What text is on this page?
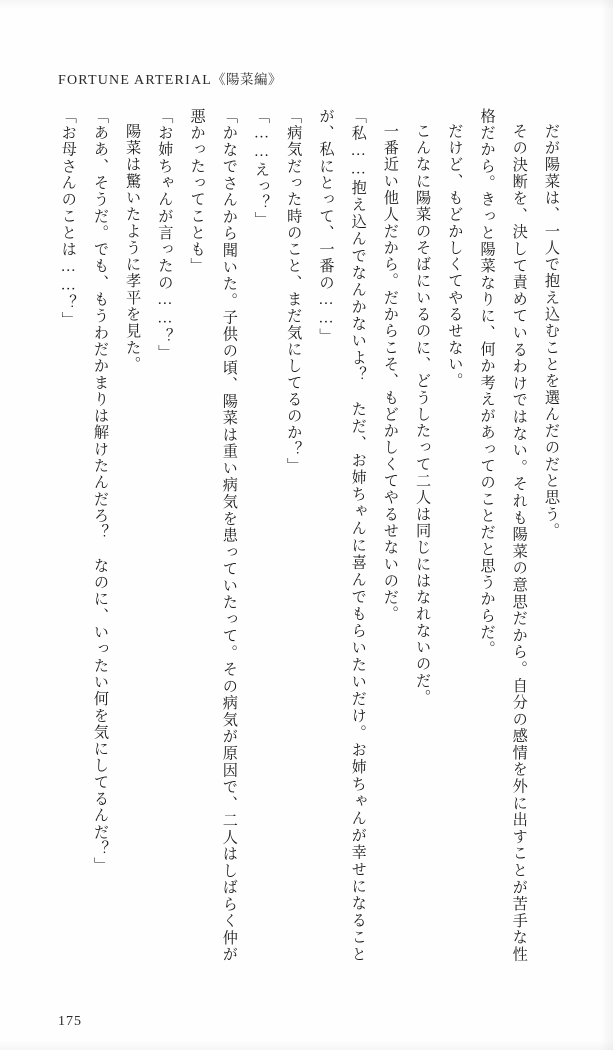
FORTUNE ARTERIAL《陽菜編》

だが陽菜は、一人で抱え込むことを選んだのだと思う。

その決断を、決して責めているわけではない。それも陽菜の意思だから。自分の感情を外に出すことが苦手な性格だから。きっと陽菜なりに、何か考えがあってのことだと思うからだ。

だけど、もどかしくてやるせない。

こんなに陽菜のそばにいるのに、どうしたって二人は同じにはなれないのだ。

一番近い他人だから。だからこそ、もどかしくてやるせないのだ。

「私……抱え込んでなんかないよ？　ただ、お姉ちゃんに喜んでもらいたいだけ。お姉ちゃんが幸せになることが、私にとって、一番の……」

「病気だった時のこと、まだ気にしてるのか？」

「……えっ？」

「かなでさんから聞いた。子供の頃、陽菜は重い病気を患っていたって。その病気が原因で、二人はしばらく仲が悪かったってことも」

「お姉ちゃんが言ったの……？」

陽菜は驚いたように孝平を見た。

「ああ、そうだ。でも、もうわだかまりは解けたんだろ？　なのに、いったい何を気にしてるんだ？」

「お母さんのことは……？」

175
